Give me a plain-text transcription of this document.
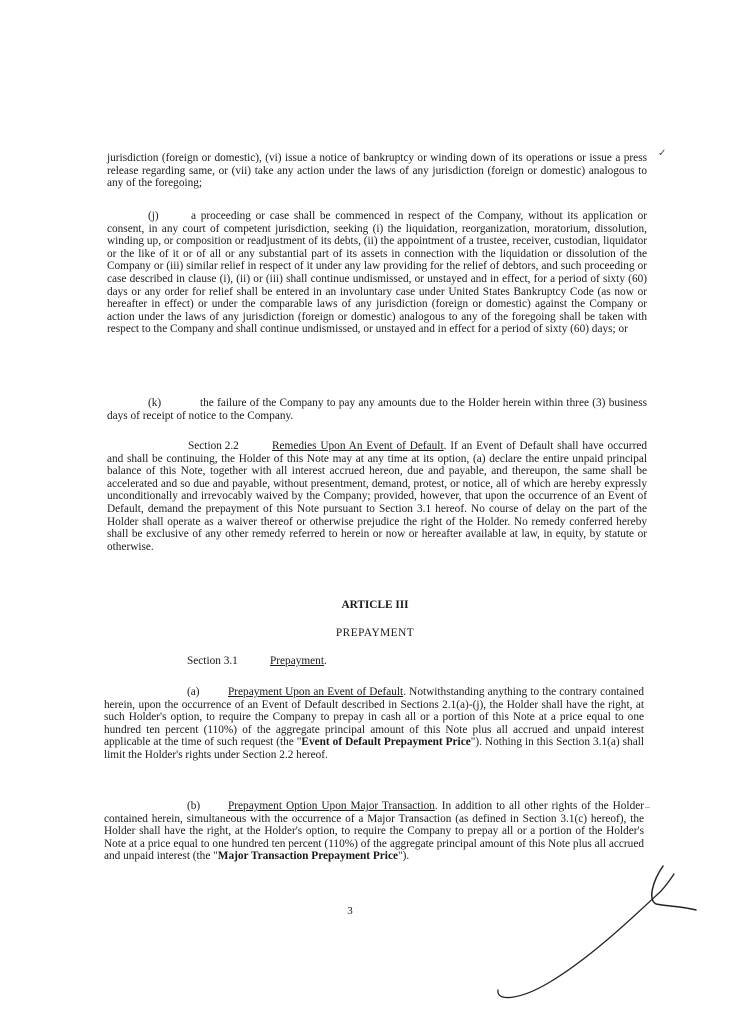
jurisdiction (foreign or domestic), (vi) issue a notice of bankruptcy or winding down of its operations or issue a press release regarding same, or (vii) take any action under the laws of any jurisdiction (foreign or domestic) analogous to any of the foregoing;

✓

(j)	a proceeding or case shall be commenced in respect of the Company, without its application or consent, in any court of competent jurisdiction, seeking (i) the liquidation, reorganization, moratorium, dissolution, winding up, or composition or readjustment of its debts, (ii) the appointment of a trustee, receiver, custodian, liquidator or the like of it or of all or any substantial part of its assets in connection with the liquidation or dissolution of the Company or (iii) similar relief in respect of it under any law providing for the relief of debtors, and such proceeding or case described in clause (i), (ii) or (iii) shall continue undismissed, or unstayed and in effect, for a period of sixty (60) days or any order for relief shall be entered in an involuntary case under United States Bankruptcy Code (as now or hereafter in effect) or under the comparable laws of any jurisdiction (foreign or domestic) against the Company or action under the laws of any jurisdiction (foreign or domestic) analogous to any of the foregoing shall be taken with respect to the Company and shall continue undismissed, or unstayed and in effect for a period of sixty (60) days; or

(k)	the failure of the Company to pay any amounts due to the Holder herein within three (3) business days of receipt of notice to the Company.

Section 2.2	Remedies Upon An Event of Default. If an Event of Default shall have occurred and shall be continuing, the Holder of this Note may at any time at its option, (a) declare the entire unpaid principal balance of this Note, together with all interest accrued hereon, due and payable, and thereupon, the same shall be accelerated and so due and payable, without presentment, demand, protest, or notice, all of which are hereby expressly unconditionally and irrevocably waived by the Company; provided, however, that upon the occurrence of an Event of Default, demand the prepayment of this Note pursuant to Section 3.1 hereof. No course of delay on the part of the Holder shall operate as a waiver thereof or otherwise prejudice the right of the Holder. No remedy conferred hereby shall be exclusive of any other remedy referred to herein or now or hereafter available at law, in equity, by statute or otherwise.

ARTICLE III
PREPAYMENT
Section 3.1	Prepayment.

(a)	Prepayment Upon an Event of Default. Notwithstanding anything to the contrary contained herein, upon the occurrence of an Event of Default described in Sections 2.1(a)-(j), the Holder shall have the right, at such Holder's option, to require the Company to prepay in cash all or a portion of this Note at a price equal to one hundred ten percent (110%) of the aggregate principal amount of this Note plus all accrued and unpaid interest applicable at the time of such request (the "Event of Default Prepayment Price"). Nothing in this Section 3.1(a) shall limit the Holder's rights under Section 2.2 hereof.

(b) Prepayment Option Upon Major Transaction. In addition to all other rights of the Holder contained herein, simultaneous with the occurrence of a Major Transaction (as defined in Section 3.1(c) hereof), the Holder shall have the right, at the Holder's option, to require the Company to prepay all or a portion of the Holder's Note at a price equal to one hundred ten percent (110%) of the aggregate principal amount of this Note plus all accrued and unpaid interest (the "Major Transaction Prepayment Price").

–
3
